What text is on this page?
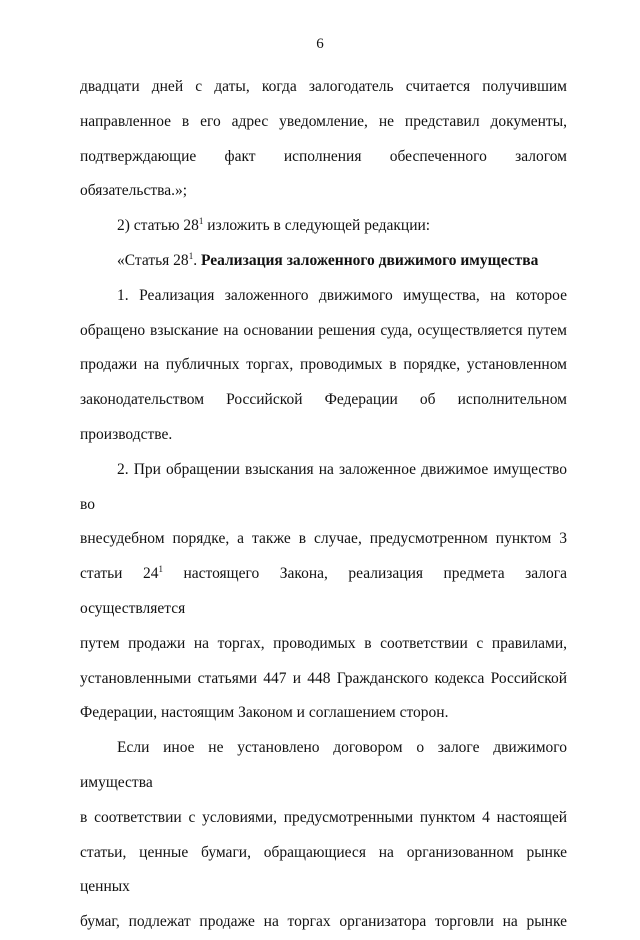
6

двадцати дней с даты, когда залогодатель считается получившим

направленное в его адрес уведомление, не представил документы,

подтверждающие факт исполнения обеспеченного залогом

обязательства.»;

2) статью $28^1$ изложить в следующей редакции:

«Статья $28^1$. Реализация заложенного движимого имущества

1. Реализация заложенного движимого имущества, на которое

обращено взыскание на основании решения суда, осуществляется путем

продажи на публичных торгах, проводимых в порядке, установленном

законодательством Российской Федерации об исполнительном

производстве.

2. При обращении взыскания на заложенное движимое имущество во

внесудебном порядке, а также в случае, предусмотренном пунктом 3

статьи $24^1$ настоящего Закона, реализация предмета залога осуществляется

путем продажи на торгах, проводимых в соответствии с правилами,

установленными статьями 447 и 448 Гражданского кодекса Российской

Федерации, настоящим Законом и соглашением сторон.

Если иное не установлено договором о залоге движимого имущества

в соответствии с условиями, предусмотренными пунктом 4 настоящей

статьи, ценные бумаги, обращающиеся на организованном рынке ценных

бумаг, подлежат продаже на торгах организатора торговли на рынке
